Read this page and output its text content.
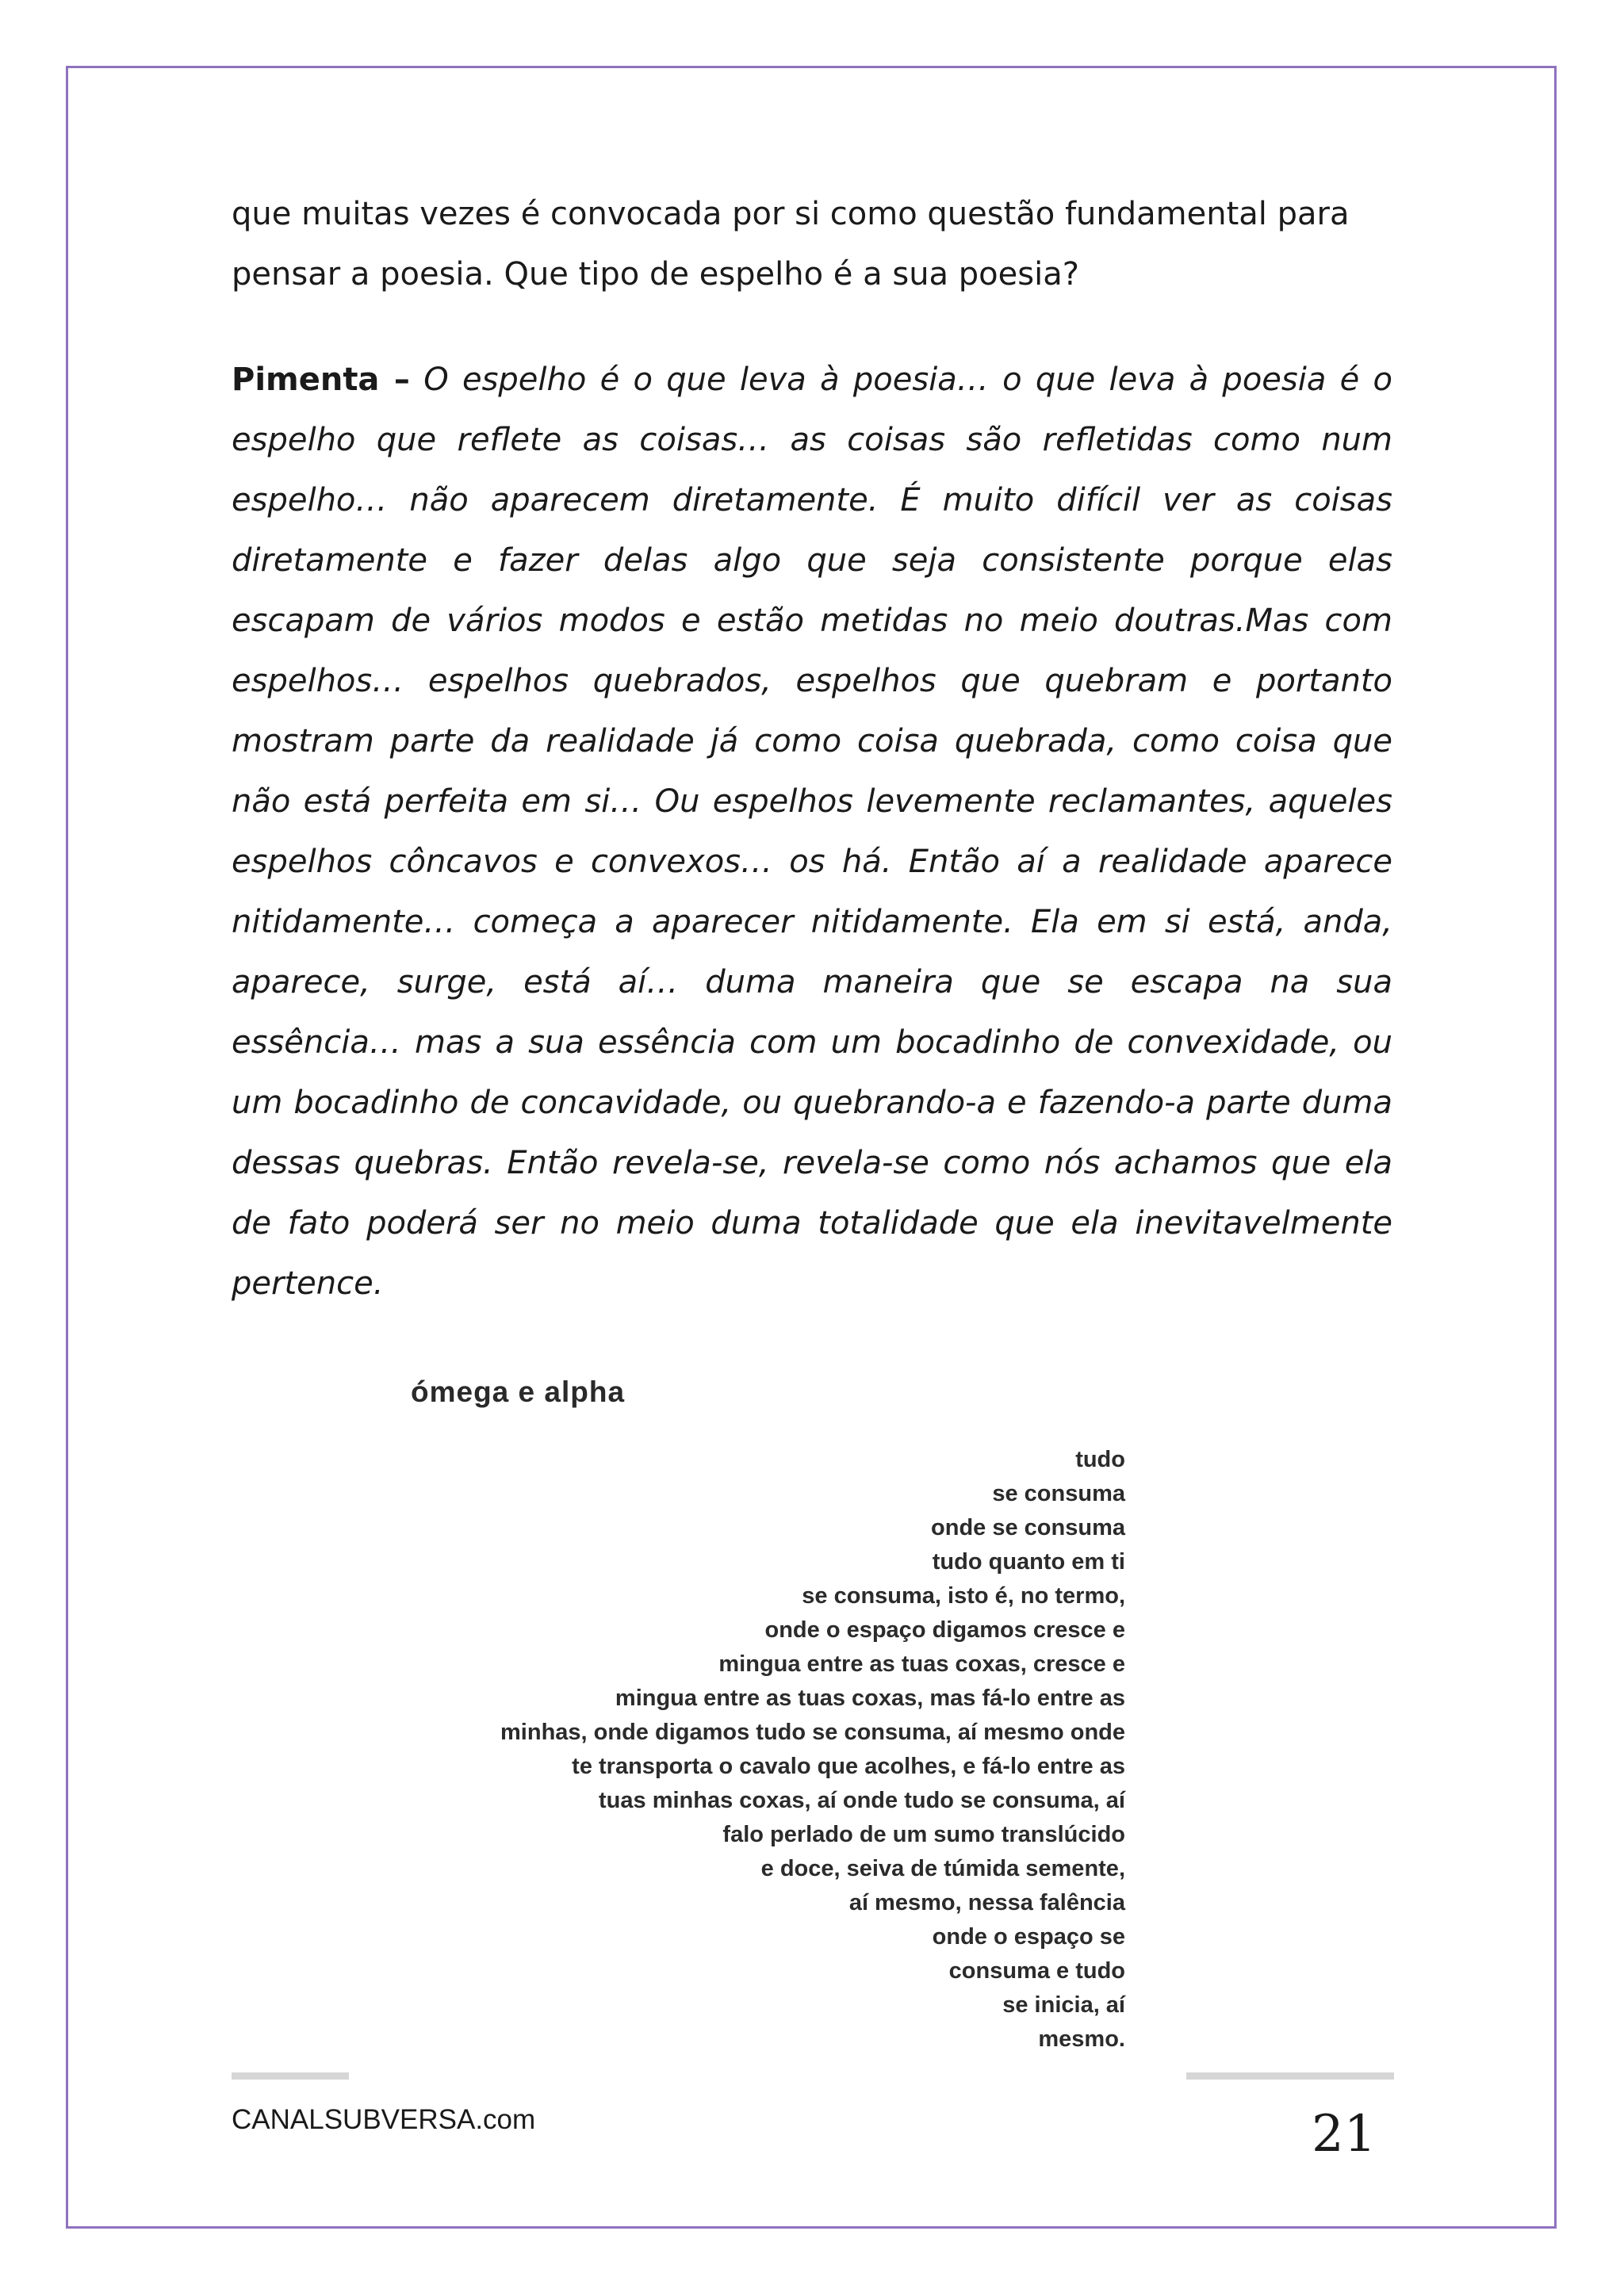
que muitas vezes é convocada por si como questão fundamental para pensar a poesia. Que tipo de espelho é a sua poesia?

Pimenta – O espelho é o que leva à poesia… o que leva à poesia é o espelho que reflete as coisas… as coisas são refletidas como num espelho… não aparecem diretamente. É muito difícil ver as coisas diretamente e fazer delas algo que seja consistente porque elas escapam de vários modos e estão metidas no meio doutras.Mas com espelhos… espelhos quebrados, espelhos que quebram e portanto mostram parte da realidade já como coisa quebrada, como coisa que não está perfeita em si… Ou espelhos levemente reclamantes, aqueles espelhos côncavos e convexos… os há. Então aí a realidade aparece nitidamente… começa a aparecer nitidamente. Ela em si está, anda, aparece, surge, está aí… duma maneira que se escapa na sua essência… mas a sua essência com um bocadinho de convexidade, ou um bocadinho de concavidade, ou quebrando-a e fazendo-a parte duma dessas quebras. Então revela-se, revela-se como nós achamos que ela de fato poderá ser no meio duma totalidade que ela inevitavelmente pertence.

ómega e alpha

tudo
se consuma
onde se consuma
tudo quanto em ti
se consuma, isto é, no termo,
onde o espaço digamos cresce e
mingua entre as tuas coxas, cresce e
mingua entre as tuas coxas, mas fá-lo entre as
minhas, onde digamos tudo se consuma, aí mesmo onde
te transporta o cavalo que acolhes, e fá-lo entre as
tuas minhas coxas, aí onde tudo se consuma, aí
falo perlado de um sumo translúcido
e doce, seiva de túmida semente,
aí mesmo, nessa falência
onde o espaço se
consuma e tudo
se inicia, aí
mesmo.
CANALSUBVERSA.com	21
